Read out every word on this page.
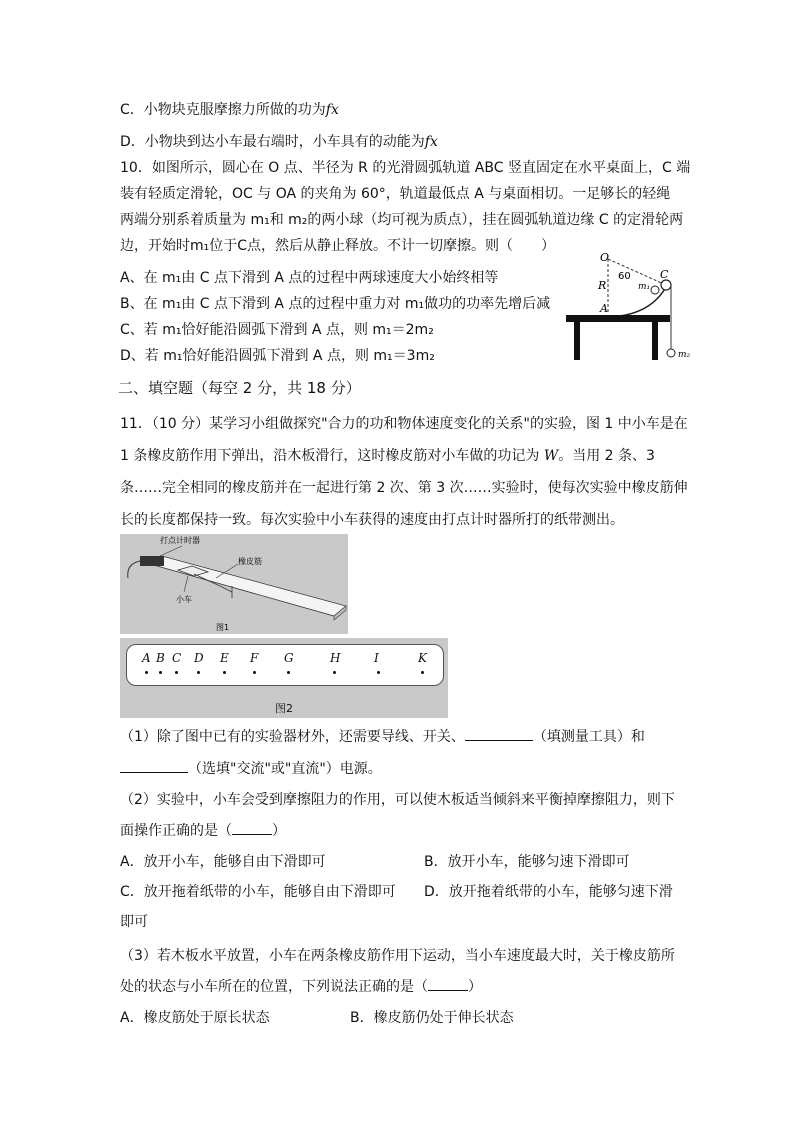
C．小物块克服摩擦力所做的功为fx
D．小物块到达小车最右端时，小车具有的动能为fx
10．如图所示，圆心在 O 点、半径为 R 的光滑圆弧轨道 ABC 竖直固定在水平桌面上，C 端
装有轻质定滑轮，OC 与 OA 的夹角为 60°，轨道最低点 A 与桌面相切。一足够长的轻绳
两端分别系着质量为 m₁和 m₂的两小球（均可视为质点），挂在圆弧轨道边缘 C 的定滑轮两
边，开始时m₁位于C点，然后从静止释放。不计一切摩擦。则（　　）
A、在 m₁由 C 点下滑到 A 点的过程中两球速度大小始终相等
B、在 m₁由 C 点下滑到 A 点的过程中重力对 m₁做功的功率先增后减
C、若 m₁恰好能沿圆弧下滑到 A 点，则 m₁＝2m₂
D、若 m₁恰好能沿圆弧下滑到 A 点，则 m₁＝3m₂
O
60	C
R	m₁
A
m₂
二、填空题（每空 2 分，共 18 分）
11．（10 分）某学习小组做探究"合力的功和物体速度变化的关系"的实验，图 1 中小车是在
1 条橡皮筋作用下弹出，沿木板滑行，这时橡皮筋对小车做的功记为 W。当用 2 条、3
条……完全相同的橡皮筋并在一起进行第 2 次、第 3 次……实验时，使每次实验中橡皮筋伸
长的长度都保持一致。每次实验中小车获得的速度由打点计时器所打的纸带测出。
打点计时器
橡皮筋
小车
图1
A B C D E F G	H	I	K
图2
（1）除了图中已有的实验器材外，还需要导线、开关、	（填测量工具）和
（选填"交流"或"直流"）电源。
（2）实验中，小车会受到摩擦阻力的作用，可以使木板适当倾斜来平衡掉摩擦阻力，则下
面操作正确的是（	）
A．放开小车，能够自由下滑即可	B．放开小车，能够匀速下滑即可
C．放开拖着纸带的小车，能够自由下滑即可 D．放开拖着纸带的小车，能够匀速下滑
即可
（3）若木板水平放置，小车在两条橡皮筋作用下运动，当小车速度最大时，关于橡皮筋所
处的状态与小车所在的位置，下列说法正确的是（	）
A．橡皮筋处于原长状态	B．橡皮筋仍处于伸长状态
